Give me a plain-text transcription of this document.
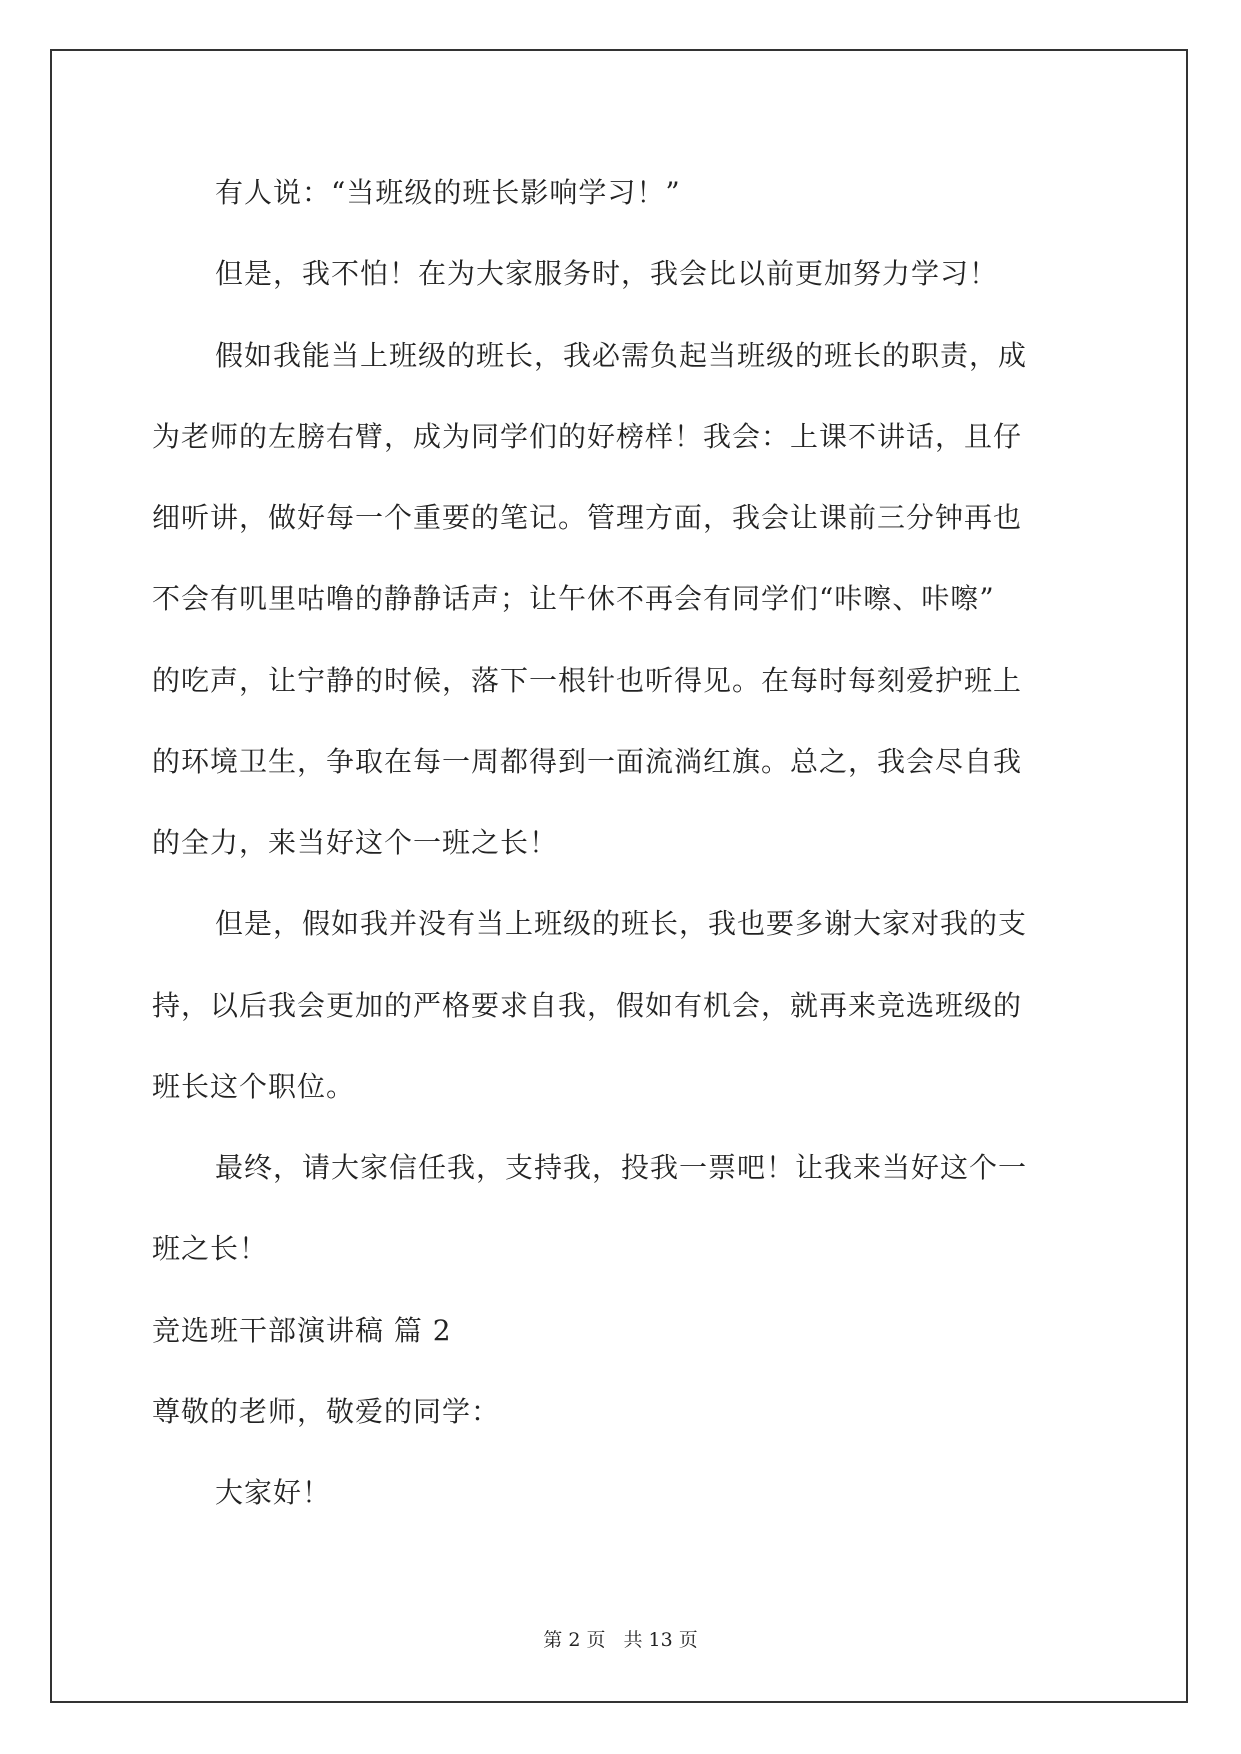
有人说：“当班级的班长影响学习！”
但是，我不怕！在为大家服务时，我会比以前更加努力学习！
假如我能当上班级的班长，我必需负起当班级的班长的职责，成
为老师的左膀右臂，成为同学们的好榜样！我会：上课不讲话，且仔
细听讲，做好每一个重要的笔记。管理方面，我会让课前三分钟再也
不会有叽里咕噜的静静话声；让午休不再会有同学们“咔嚓、咔嚓”
的吃声，让宁静的时候，落下一根针也听得见。在每时每刻爱护班上
的环境卫生，争取在每一周都得到一面流淌红旗。总之，我会尽自我
的全力，来当好这个一班之长！
但是，假如我并没有当上班级的班长，我也要多谢大家对我的支
持，以后我会更加的严格要求自我，假如有机会，就再来竞选班级的
班长这个职位。
最终，请大家信任我，支持我，投我一票吧！让我来当好这个一
班之长！
竞选班干部演讲稿 篇 2
尊敬的老师，敬爱的同学：
大家好！
第 2 页 共 13 页
